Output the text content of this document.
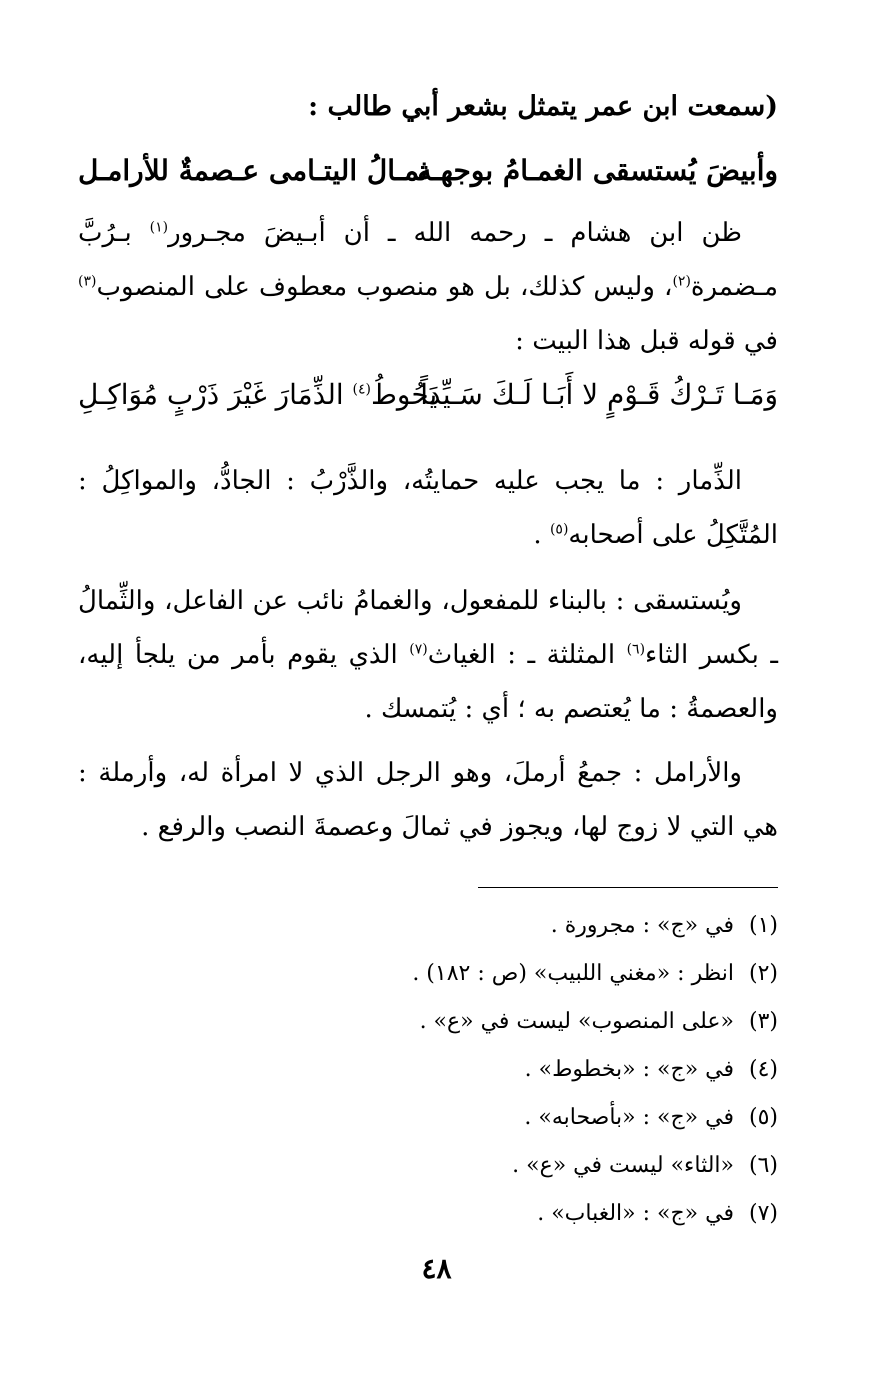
(سمعت ابن عمر يتمثل بشعر أبي طالب :
وأبيضَ يُستسقى الغمـامُ بوجهـه
ثمـالُ اليتـامى عـصمةٌ للأرامـل
ظن ابن هشام ـ رحمه الله ـ أن أبـيضَ مجـرور$^{(١)}$ بـرُبَّ مـضمرة$^{(٢)}$، وليس كذلك، بل هو منصوب معطوف على المنصوب$^{(٣)}$ في قوله قبل هذا البيت :
وَمَـا تَـرْكُ قَـوْمٍ لا أَبَـا لَـكَ سَـيِّداً
يَحُوطُ$^{(٤)}$ الذِّمَارَ غَيْرَ ذَرْبٍ مُوَاكِـلِ
الذِّمار : ما يجب عليه حمايتُه، والذَّرْبُ : الجادُّ، والمواكِلُ : المُتَّكِلُ على أصحابه$^{(٥)}$ .
ويُستسقى : بالبناء للمفعول، والغمامُ نائب عن الفاعل، والثِّمالُ ـ بكسر الثاء$^{(٦)}$ المثلثة ـ : الغياث$^{(٧)}$ الذي يقوم بأمر من يلجأ إليه، والعصمةُ : ما يُعتصم به ؛ أي : يُتمسك .
والأرامل : جمعُ أرملَ، وهو الرجل الذي لا امرأة له، وأرملة : هي التي لا زوج لها، ويجوز في ثمالَ وعصمةَ النصب والرفع .
(١)في «ج» : مجرورة .
(٢)انظر : «مغني اللبيب» (ص : ١٨٢) .
(٣)«على المنصوب» ليست في «ع» .
(٤)في «ج» : «بخطوط» .
(٥)في «ج» : «بأصحابه» .
(٦)«الثاء» ليست في «ع» .
(٧)في «ج» : «الغباب» .
٤٨
